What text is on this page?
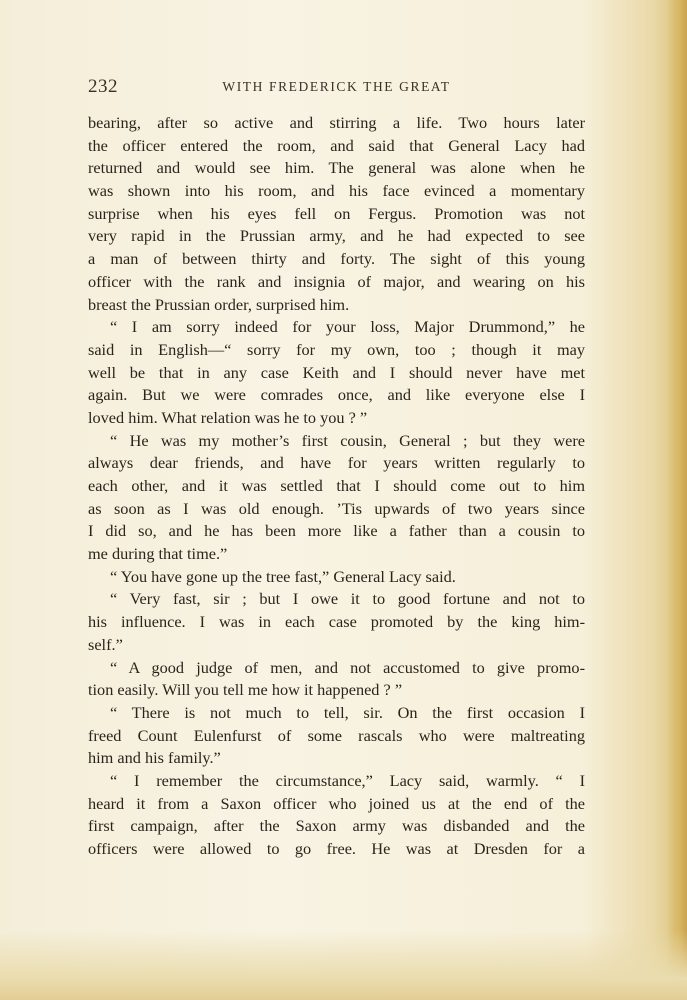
232	WITH FREDERICK THE GREAT
bearing, after so active and stirring a life. Two hours later
the officer entered the room, and said that General Lacy had
returned and would see him. The general was alone when he
was shown into his room, and his face evinced a momentary
surprise when his eyes fell on Fergus. Promotion was not
very rapid in the Prussian army, and he had expected to see
a man of between thirty and forty. The sight of this young
officer with the rank and insignia of major, and wearing on his
breast the Prussian order, surprised him.
“ I am sorry indeed for your loss, Major Drummond,” he
said in English—“ sorry for my own, too ; though it may
well be that in any case Keith and I should never have met
again. But we were comrades once, and like everyone else I
loved him. What relation was he to you ? ”
“ He was my mother’s first cousin, General ; but they were
always dear friends, and have for years written regularly to
each other, and it was settled that I should come out to him
as soon as I was old enough. ’Tis upwards of two years since
I did so, and he has been more like a father than a cousin to
me during that time.”
“ You have gone up the tree fast,” General Lacy said.
“ Very fast, sir ; but I owe it to good fortune and not to
his influence. I was in each case promoted by the king him-
self.”
“ A good judge of men, and not accustomed to give promo-
tion easily. Will you tell me how it happened ? ”
“ There is not much to tell, sir. On the first occasion I
freed Count Eulenfurst of some rascals who were maltreating
him and his family.”
“ I remember the circumstance,” Lacy said, warmly. “ I
heard it from a Saxon officer who joined us at the end of the
first campaign, after the Saxon army was disbanded and the
officers were allowed to go free. He was at Dresden for a
